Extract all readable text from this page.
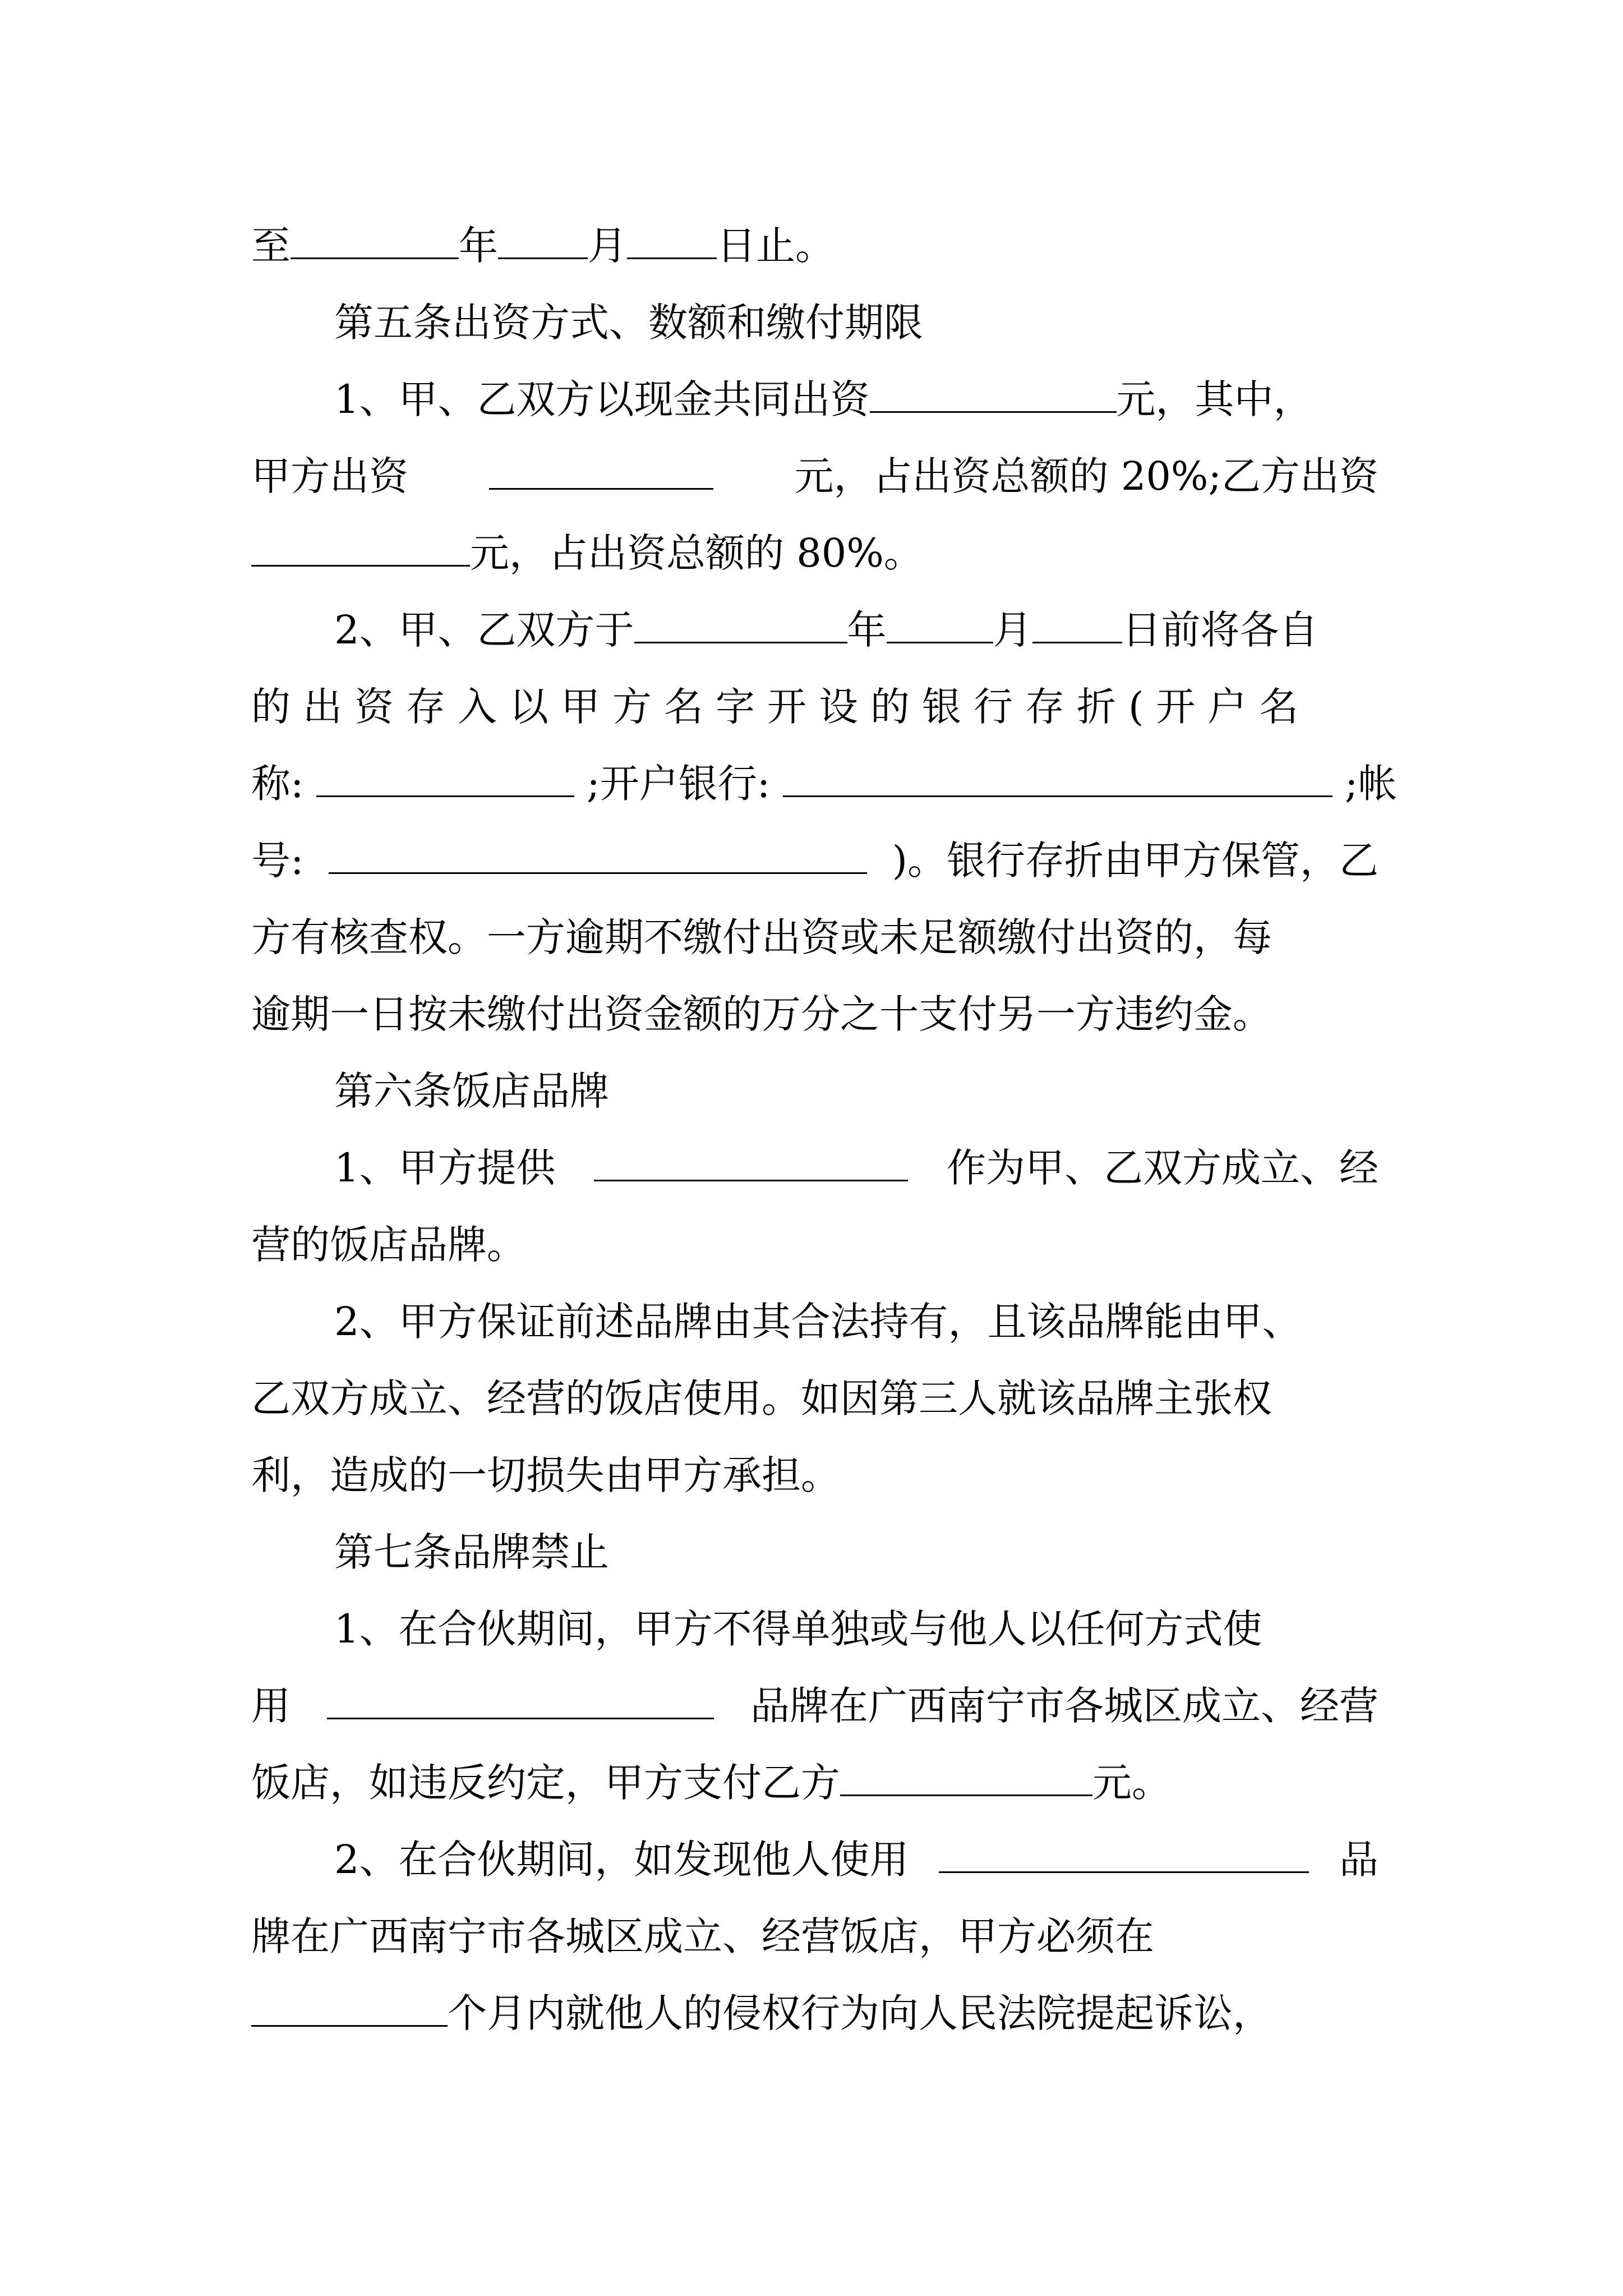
至	年 月 日止。
第五条出资方式、数额和缴付期限
1、甲、乙双方以现金共同出资	元，其中，
甲方出资	元，占出资总额的 20%;乙方出资
元，占出资总额的 80%。
2、甲、乙双方于	年	月 日前将各自
的出资存入以甲方名字开设的银行存折(开户名
称:	;开户银行:	;帐
号:	)。银行存折由甲方保管，乙
方有核查权。一方逾期不缴付出资或未足额缴付出资的，每
逾期一日按未缴付出资金额的万分之十支付另一方违约金。
第六条饭店品牌
1、甲方提供	作为甲、乙双方成立、经
营的饭店品牌。
2、甲方保证前述品牌由其合法持有，且该品牌能由甲、
乙双方成立、经营的饭店使用。如因第三人就该品牌主张权
利，造成的一切损失由甲方承担。
第七条品牌禁止
1、在合伙期间，甲方不得单独或与他人以任何方式使
用	品牌在广西南宁市各城区成立、经营
饭店，如违反约定，甲方支付乙方	元。
2、在合伙期间，如发现他人使用	品
牌在广西南宁市各城区成立、经营饭店，甲方必须在
个月内就他人的侵权行为向人民法院提起诉讼，
